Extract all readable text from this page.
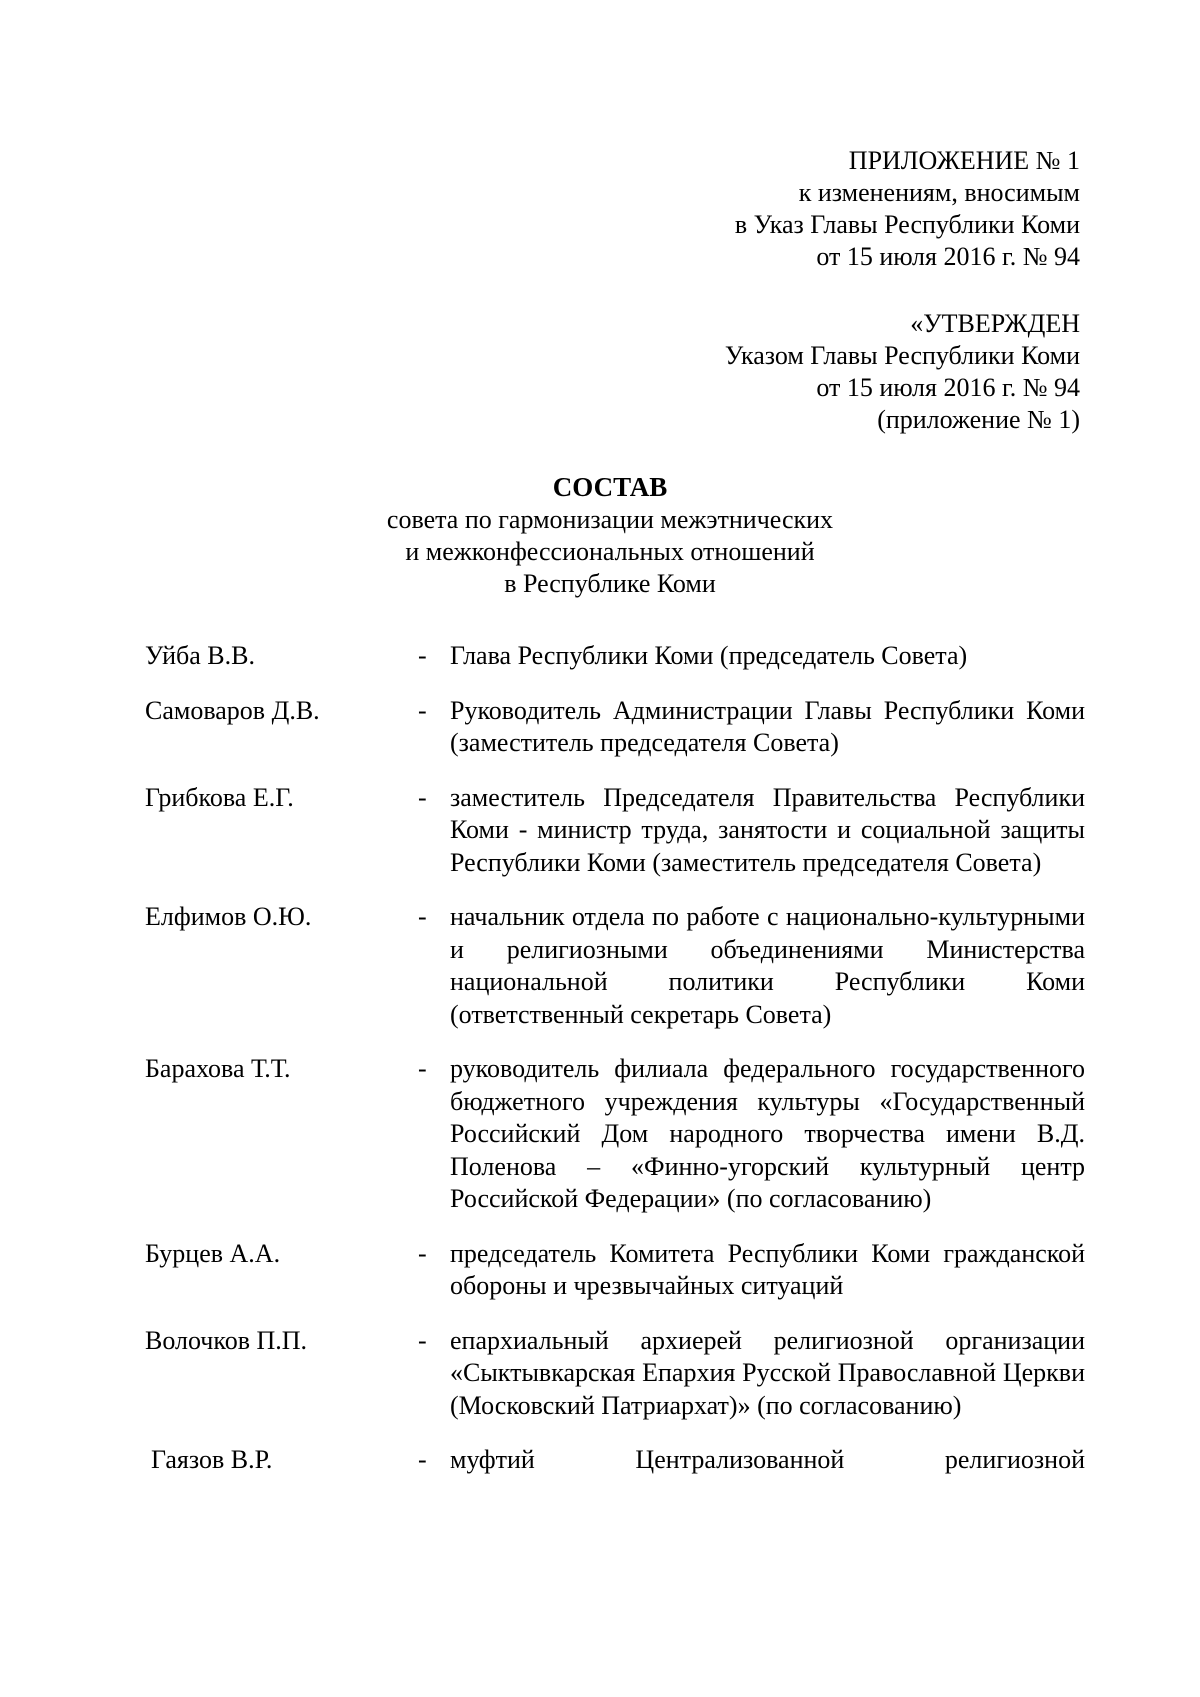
ПРИЛОЖЕНИЕ № 1
к изменениям, вносимым
в Указ Главы Республики Коми
от 15 июля 2016 г. № 94
«УТВЕРЖДЕН
Указом Главы Республики Коми
от 15 июля 2016 г. № 94
(приложение № 1)
СОСТАВ
совета по гармонизации межэтнических
и межконфессиональных отношений
в Республике Коми
Уйба В.В.	- Глава Республики Коми (председатель Совета)
Самоваров Д.В.	- Руководитель Администрации Главы Республики Коми (заместитель председателя Совета)
Грибкова Е.Г.	- заместитель Председателя Правительства Республики Коми - министр труда, занятости и социальной защиты Республики Коми (заместитель председателя Совета)
Елфимов О.Ю.	- начальник отдела по работе с национально-культурными и религиозными объединениями Министерства национальной политики Республики Коми (ответственный секретарь Совета)
Барахова Т.Т.	- руководитель филиала федерального государственного бюджетного учреждения культуры «Государственный Российский Дом народного творчества имени В.Д. Поленова – «Финно-угорский культурный центр Российской Федерации» (по согласованию)
Бурцев А.А.	- председатель Комитета Республики Коми гражданской обороны и чрезвычайных ситуаций
Волочков П.П.	- епархиальный архиерей религиозной организации «Сыктывкарская Епархия Русской Православной Церкви (Московский Патриархат)» (по согласованию)
Гаязов В.Р.	- муфтий Централизованной религиозной
